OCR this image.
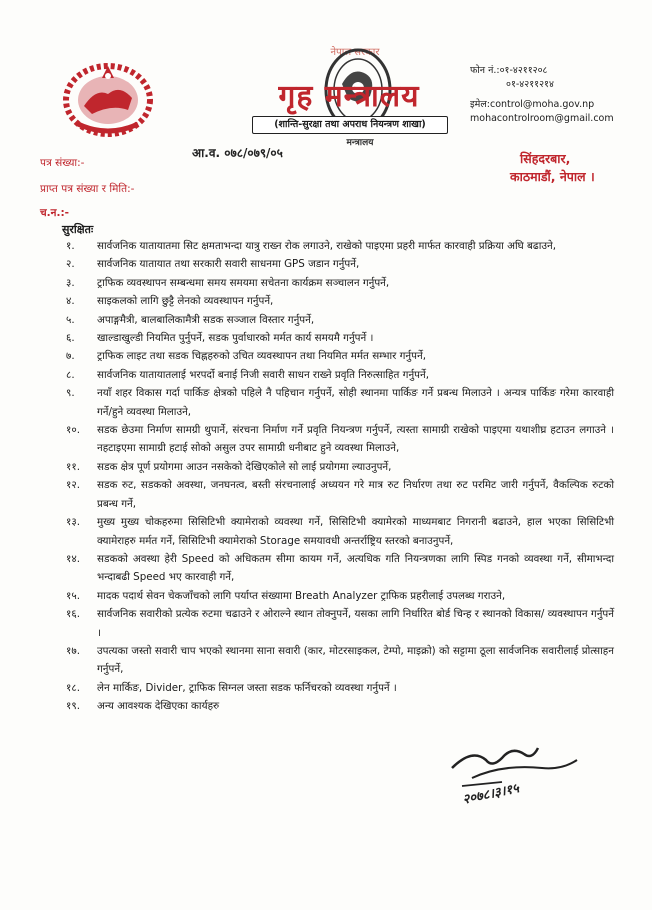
नेपाल सरकार
गृह मन्त्रालय
(शान्ति-सुरक्षा तथा अपराध नियन्त्रण शाखा)
मन्त्रालय
फोन नं.:०१-४२११२०८
०१-४२११२१४
इमेल:control@moha.gov.np
mohacontrolroom@gmail.com
आ.व. ०७८/०७९/०५	सिंहदरबार,
काठमाडौं, नेपाल ।
पत्र संख्या:-
प्राप्त पत्र संख्या र मिति:-
च.न.:-
सुरक्षितः
१.	सार्वजनिक यातायातमा सिट क्षमताभन्दा यात्रु राख्न रोक लगाउने, राखेको पाइएमा प्रहरी मार्फत कारवाही प्रक्रिया अघि बढाउने,
२.	सार्वजनिक यातायात तथा सरकारी सवारी साधनमा GPS जडान गर्नुपर्ने,
३.	ट्राफिक व्यवस्थापन सम्बन्धमा समय समयमा सचेतना कार्यक्रम सञ्चालन गर्नुपर्ने,
४.	साइकलको लागि छुट्टै लेनको व्यवस्थापन गर्नुपर्ने,
५.	अपाङ्गमैत्री, बालबालिकामैत्री सडक सञ्जाल विस्तार गर्नुपर्ने,
६.	खाल्डाखुल्डी नियमित पुर्नुपर्ने, सडक पुर्वाधारको मर्मत कार्य समयमै गर्नुपर्ने ।
७.	ट्राफिक लाइट तथा सडक चिह्नहरुको उचित व्यवस्थापन तथा नियमित मर्मत सम्भार गर्नुपर्ने,
८.	सार्वजनिक यातायातलाई भरपर्दो बनाई निजी सवारी साधन राख्ने प्रवृति निरुत्साहित गर्नुपर्ने,
९.	नयाँ शहर विकास गर्दा पार्किङ क्षेत्रको पहिले नै पहिचान गर्नुपर्ने, सोही स्थानमा पार्किङ गर्ने प्रबन्ध मिलाउने । अन्यत्र पार्किङ गरेमा कारवाही गर्ने/हुने व्यवस्था मिलाउने,
१०.	सडक छेउमा निर्माण सामग्री थुपार्ने, संरचना निर्माण गर्ने प्रवृति नियन्त्रण गर्नुपर्ने, त्यस्ता सामाग्री राखेको पाइएमा यथाशीघ्र हटाउन लगाउने । नहटाइएमा सामाग्री हटाई सोको असुल उपर सामाग्री धनीबाट हुने व्यवस्था मिलाउने,
११.	सडक क्षेत्र पूर्ण प्रयोगमा आउन नसकेको देखिएकोले सो लाई प्रयोगमा ल्याउनुपर्ने,
१२.	सडक रुट, सडकको अवस्था, जनघनत्व, बस्ती संरचनालाई अध्ययन गरे मात्र रुट निर्धारण तथा रुट परमिट जारी गर्नुपर्ने, वैकल्पिक रुटको प्रबन्ध गर्ने,
१३.	मुख्य मुख्य चोकहरुमा सिसिटिभी क्यामेराको व्यवस्था गर्ने, सिसिटिभी क्यामेरको माध्यमबाट निगरानी बढाउने, हाल भएका सिसिटिभी क्यामेराहरु मर्मत गर्ने, सिसिटिभी क्यामेराको Storage समयावधी अन्तर्राष्ट्रिय स्तरको बनाउनुपर्ने,
१४.	सडकको अवस्था हेरी Speed को अधिकतम सीमा कायम गर्ने, अत्यधिक गति नियन्त्रणका लागि स्पिड गनको व्यवस्था गर्ने, सीमाभन्दा भन्दाबढी Speed भए कारवाही गर्ने,
१५.	मादक पदार्थ सेवन चेकजाँचको लागि पर्याप्त संख्यामा Breath Analyzer ट्राफिक प्रहरीलाई उपलब्ध गराउने,
१६.	सार्वजनिक सवारीको प्रत्येक रुटमा चढाउने र ओराल्ने स्थान तोक्नुपर्ने, यसका लागि निर्धारित बोर्ड चिन्ह र स्थानको विकास/ व्यवस्थापन गर्नुपर्ने ।
१७.	उपत्यका जस्तो सवारी चाप भएको स्थानमा साना सवारी (कार, मोटरसाइकल, टेम्पो, माइक्रो) को सट्टामा ठूला सार्वजनिक सवारीलाई प्रोत्साहन गर्नुपर्ने,
१८.	लेन मार्किङ, Divider, ट्राफिक सिग्नल जस्ता सडक फर्निचरको व्यवस्था गर्नुपर्ने ।
१९.	अन्य आवश्यक देखिएका कार्यहरु
२०७८।३।१५
